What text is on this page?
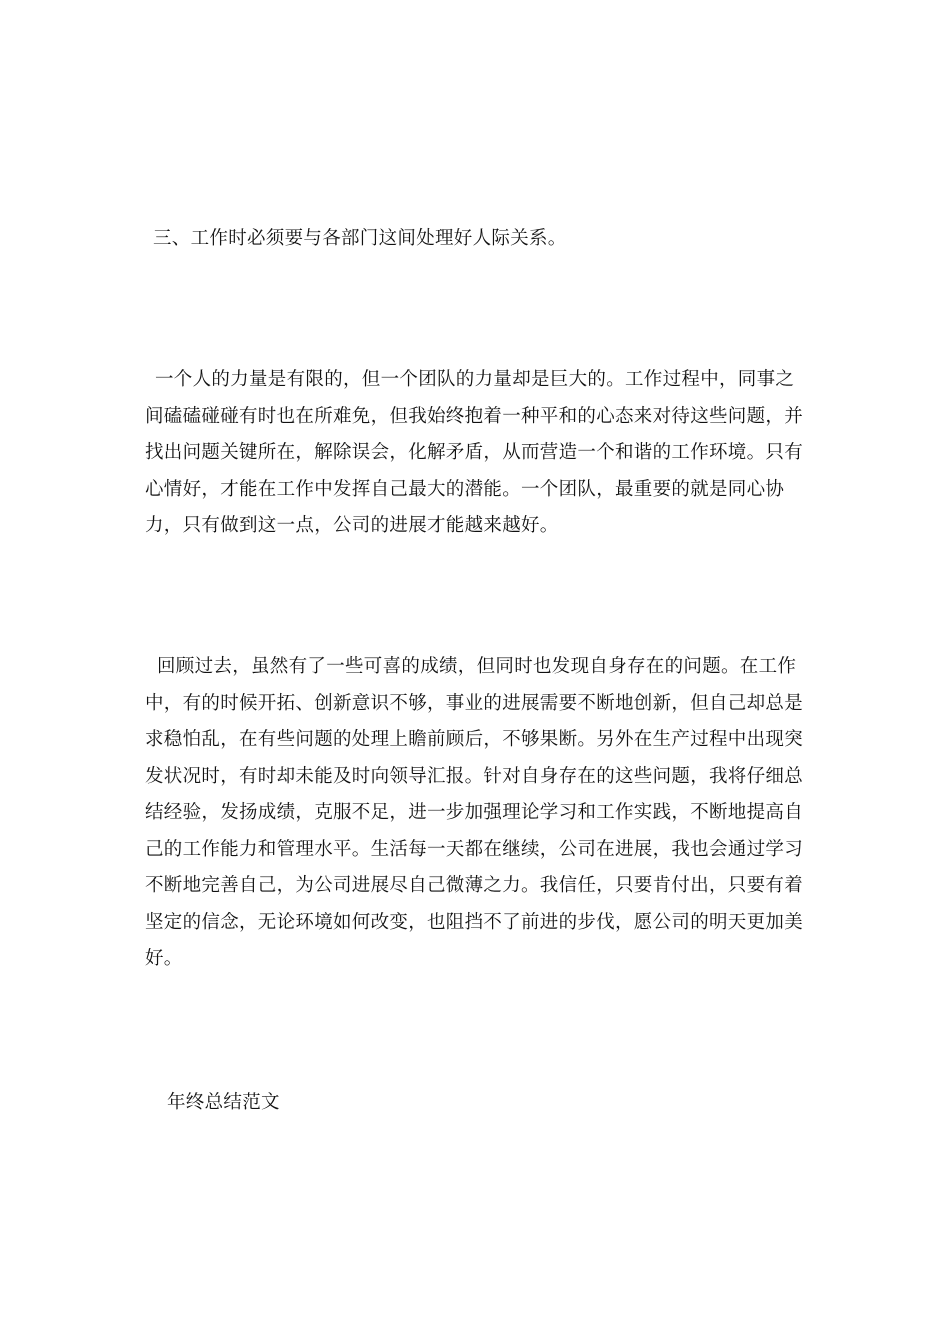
三、工作时必须要与各部门这间处理好人际关系。

一个人的力量是有限的，但一个团队的力量却是巨大的。工作过程中，同事之间磕磕碰碰有时也在所难免，但我始终抱着一种平和的心态来对待这些问题，并找出问题关键所在，解除误会，化解矛盾，从而营造一个和谐的工作环境。只有心情好，才能在工作中发挥自己最大的潜能。一个团队，最重要的就是同心协力，只有做到这一点，公司的进展才能越来越好。

回顾过去，虽然有了一些可喜的成绩，但同时也发现自身存在的问题。在工作中，有的时候开拓、创新意识不够，事业的进展需要不断地创新，但自己却总是求稳怕乱，在有些问题的处理上瞻前顾后，不够果断。另外在生产过程中出现突发状况时，有时却未能及时向领导汇报。针对自身存在的这些问题，我将仔细总结经验，发扬成绩，克服不足，进一步加强理论学习和工作实践，不断地提高自己的工作能力和管理水平。生活每一天都在继续，公司在进展，我也会通过学习不断地完善自己，为公司进展尽自己微薄之力。我信任，只要肯付出，只要有着坚定的信念，无论环境如何改变，也阻挡不了前进的步伐，愿公司的明天更加美好。

年终总结范文
